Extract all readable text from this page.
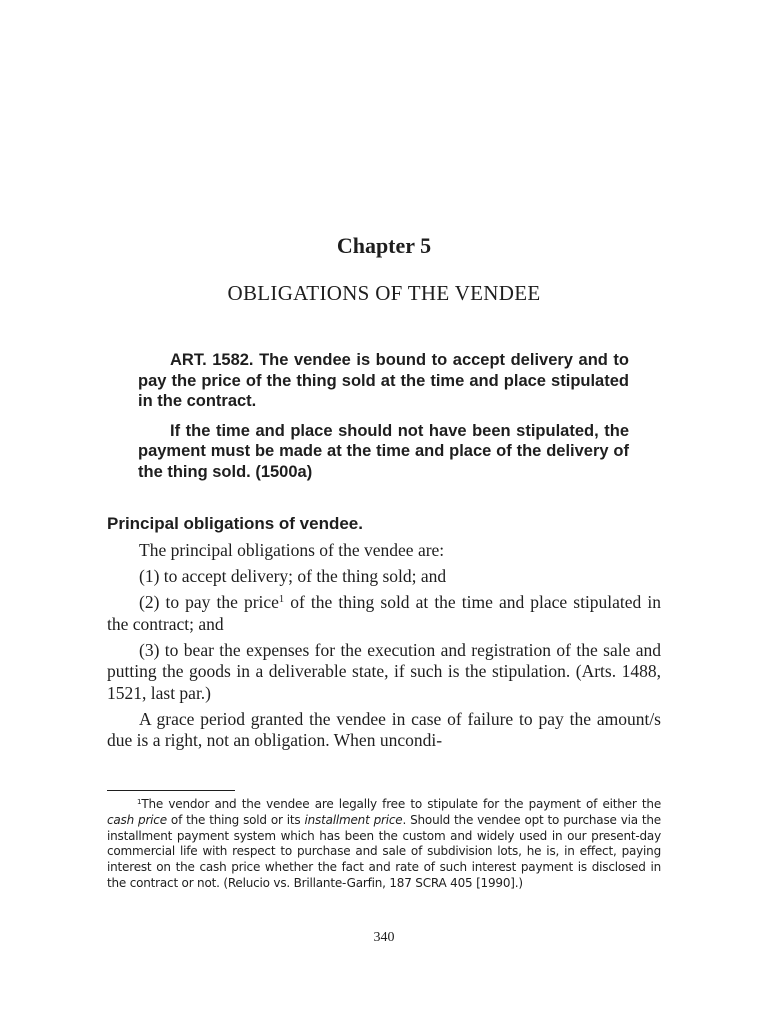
Chapter 5
OBLIGATIONS OF THE VENDEE

ART. 1582. The vendee is bound to accept delivery and to pay the price of the thing sold at the time and place stipulated in the contract.

If the time and place should not have been stipulated, the payment must be made at the time and place of the delivery of the thing sold. (1500a)

Principal obligations of vendee.

The principal obligations of the vendee are:

(1) to accept delivery; of the thing sold; and

(2) to pay the price$^1$ of the thing sold at the time and place stipulated in the contract; and

(3) to bear the expenses for the execution and registration of the sale and putting the goods in a deliverable state, if such is the stipulation. (Arts. 1488, 1521, last par.)

A grace period granted the vendee in case of failure to pay the amount/s due is a right, not an obligation. When uncondi-

$^1$The vendor and the vendee are legally free to stipulate for the payment of either the cash price of the thing sold or its installment price. Should the vendee opt to purchase via the installment payment system which has been the custom and widely used in our present-day commercial life with respect to purchase and sale of subdivision lots, he is, in effect, paying interest on the cash price whether the fact and rate of such interest payment is disclosed in the contract or not. (Relucio vs. Brillante-Garfin, 187 SCRA 405 [1990].)

340
